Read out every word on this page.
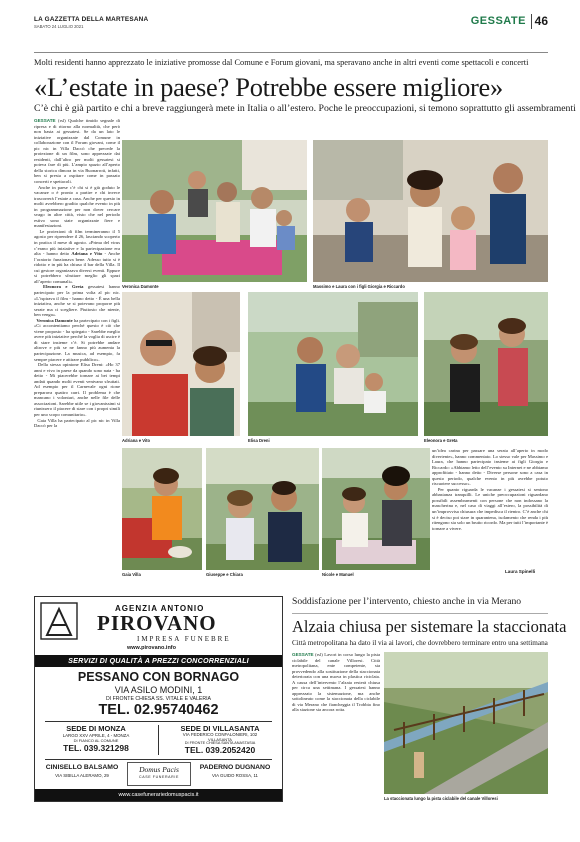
LA GAZZETTA DELLA MARTESANA
SABATO 24 LUGLIO 2021	GESSATE 46
Molti residenti hanno apprezzato le iniziative promosse dal Comune e Forum giovani, ma speravano anche in altri eventi come spettacoli e concerti
«L’estate in paese? Potrebbe essere migliore»
C’è chi è già partito e chi a breve raggiungerà mete in Italia o all’estero. Poche le preoccupazioni, si temono soprattutto gli assembramenti
GESSATE (rsl) Qualche timido segnale di ripresa e di ritorno alla normalità, che però non basta ai gessatesi. Se da un lato le iniziative organizzate dal Comune in collaborazione con il Forum giovani, come il pic nic in Villa Daccò che precede la proiezione di un film, sono apprezzate dai residenti, dall’altro per molti gessatesi si poteva fare di più. L’ampio spazio all’aperto della storica dimora in via Buonarroti, infatti, ben si presta a ospitare come in passato concerti e spettacoli.
Anche in paese c’è chi si è già goduto le vacanze o è pronto a partire e chi invece trascorrerà l’estate a casa. Anche per questo in molti avrebbero gradito qualche evento in più in programmazione per non dover cercare svago in altre città, visto che nel periodo estivo sono state organizzate fiere e manifestazioni.
Le proiezioni di film termineranno il 5 agosto per riprendere il 26, lasciando scoperto in pratica il mese di agosto. «Prima del virus c’erano più iniziative e la partecipazione era alta - hanno detto Adriana e Vito - Anche l’oratorio funzionava bene. Adesso tutto si è ridotto e in più ha chiuso il bar della Villa. Il cui gestore organizzava diversi eventi. Eppure si potrebbero sfruttare meglio gli spazi all’aperto comunali».
Eleonora e Greta gessatesi hanno partecipato per la prima volta al pic nic. «L’ispirava il film - hanno detto - È una bella iniziativa, anche se si potevano proporre più serate ma ci scegliere. Piuttosto che niente, ben venga».
Veronica Damonte ha partecipato con i figli. «Ci accontentiamo perché questo è ciò che viene proposto - ha spiegato - Sarebbe meglio avere più iniziative perché la voglia di uscire è di stare insieme c’è. Si potrebbe andare altrove e più se ne fanno più aumenta la partecipazione. La musica, ad esempio, fa sempre piacere e attirare pubblico».
Della stessa opinione Elisa Dreni: «Ho 37 anni e vivo in paese da quando sono nata - ha detto - Mi piacerebbe tornare ai bei tempi andati quando molti eventi venivano sfruttati. Ad esempio per il Carnevale ogni rione preparava quattro carri. Il problema è che mancano i volontari, anche nelle file delle associazioni. Sarebbe utile se i giovanissimi si riunissero il piacere di stare con i propri simili per uno scopo comunitario».
Gaia Villa ha partecipato al pic nic in Villa Daccò per la
Veronica Damonte	Massimo e Laura con i figli Giorgia e Riccardo
Adriana e Vito	Elisa Dreni	Eleonora e Greta
Gaia Villa	Giuseppe e Chiara	Nicole e Manuel
un’idea carina per passare una serata all’aperto in modo divertente», hanno commentato. Lo stesso vale per Massimo e Laura, che hanno partecipato insieme ai figli Giorgia e Riccardo: «Abbiamo letto dell’evento su Internet e ne abbiamo approfittato - hanno detto - Diverse persone sono a casa in questo periodo, qualche evento in più avrebbe potuto riscuotere successo».
Per quanto riguarda le vacanze i gessatesi si sentono abbastanza tranquilli. Le uniche preoccupazioni riguardano possibili assembramenti con persone che non indossano la mascherina e, nel caso di viaggi all’estero, la possibilità di un’improvvisa chiusura che impedisca il rientro. C’è anche chi si è deciso poi stare in quarantena, isolamento che renda i più ritengono sia solo un brutto ricordo. Ma per tutti l’importante è tornare a vivere.
Laura Spinelli
AGENZIA ANTONIO
PIROVANO
IMPRESA FUNEBRE
www.pirovano.info
SERVIZI DI QUALITÀ A PREZZI CONCORRENZIALI
PESSANO CON BORNAGO
VIA ASILO MODINI, 1
DI FRONTE CHIESA SS. VITALE E VALERIA
TEL. 02.95740462
SEDE DI MONZA
LARGO XXV APRILE, 4 - MONZA
DI FIANCO AL COMUNE
TEL. 039.321298
SEDE DI VILLASANTA
VIA FEDERICO CONFALONIERI, 102
VILLASANTA
DI FRONTE CHIESA SANTA ANASTASIA
TEL. 039.2052420
CINISELLO BALSAMO
VIA SIBILLA ALERAMO, 29
Domus Pacis
CASE FUNERARIE
PADERNO DUGNANO
VIA GUIDO ROSSA, 11
www.casefunerariedomuspacis.it
Soddisfazione per l’intervento, chiesto anche in via Merano
Alzaia chiusa per sistemare la staccionata
Città metropolitana ha dato il via ai lavori, che dovrebbero terminare entro una settimana
GESSATE (rsl) Lavori in corso lungo la pista ciclabile del canale Villoresi. Città metropolitana, ente competente, sta provvedendo alla sostituzione della staccionata deteriorata con una nuova in plastica riciclata. A causa dell’intervento l’alzaia resterà chiusa per circa una settimana. I gessatesi hanno apprezzato la sistemazione, ma anche sottolineato come la staccionata della ciclabile di via Merano che fiancheggia il Trobbia fino alla stazione sia ancora rotta.
La staccionata lungo la pista ciclabile del canale Villoresi
